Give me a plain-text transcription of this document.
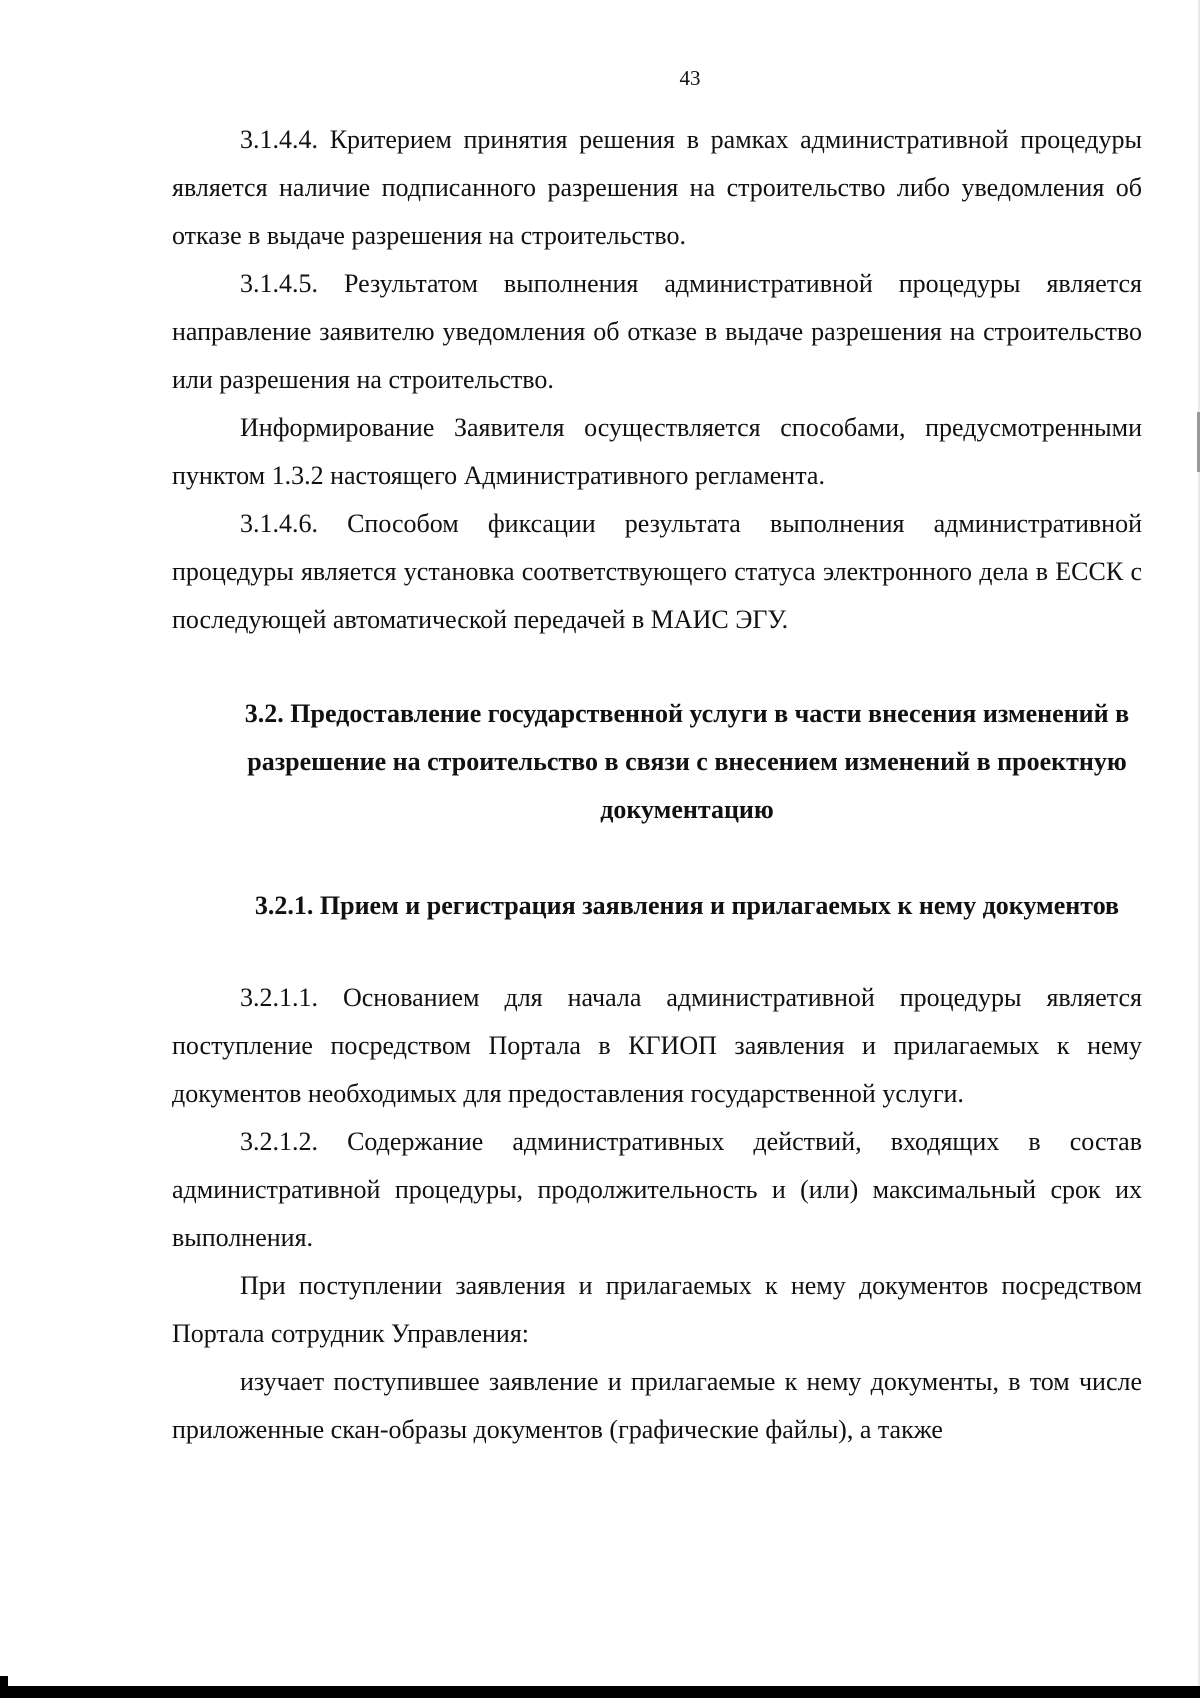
43

3.1.4.4. Критерием принятия решения в рамках административной процедуры является наличие подписанного разрешения на строительство либо уведомления об отказе в выдаче разрешения на строительство.

3.1.4.5. Результатом выполнения административной процедуры является направление заявителю уведомления об отказе в выдаче разрешения на строительство или разрешения на строительство.

Информирование Заявителя осуществляется способами, предусмотренными пунктом 1.3.2 настоящего Административного регламента.

3.1.4.6. Способом фиксации результата выполнения административной процедуры является установка соответствующего статуса электронного дела в ЕССК с последующей автоматической передачей в МАИС ЭГУ.

3.2. Предоставление государственной услуги в части внесения изменений в разрешение на строительство в связи с внесением изменений в проектную документацию

3.2.1. Прием и регистрация заявления и прилагаемых к нему документов

3.2.1.1. Основанием для начала административной процедуры является поступление посредством Портала в КГИОП заявления и прилагаемых к нему документов необходимых для предоставления государственной услуги.

3.2.1.2. Содержание административных действий, входящих в состав административной процедуры, продолжительность и (или) максимальный срок их выполнения.

При поступлении заявления и прилагаемых к нему документов посредством Портала сотрудник Управления:

изучает поступившее заявление и прилагаемые к нему документы, в том числе приложенные скан-образы документов (графические файлы), а также
